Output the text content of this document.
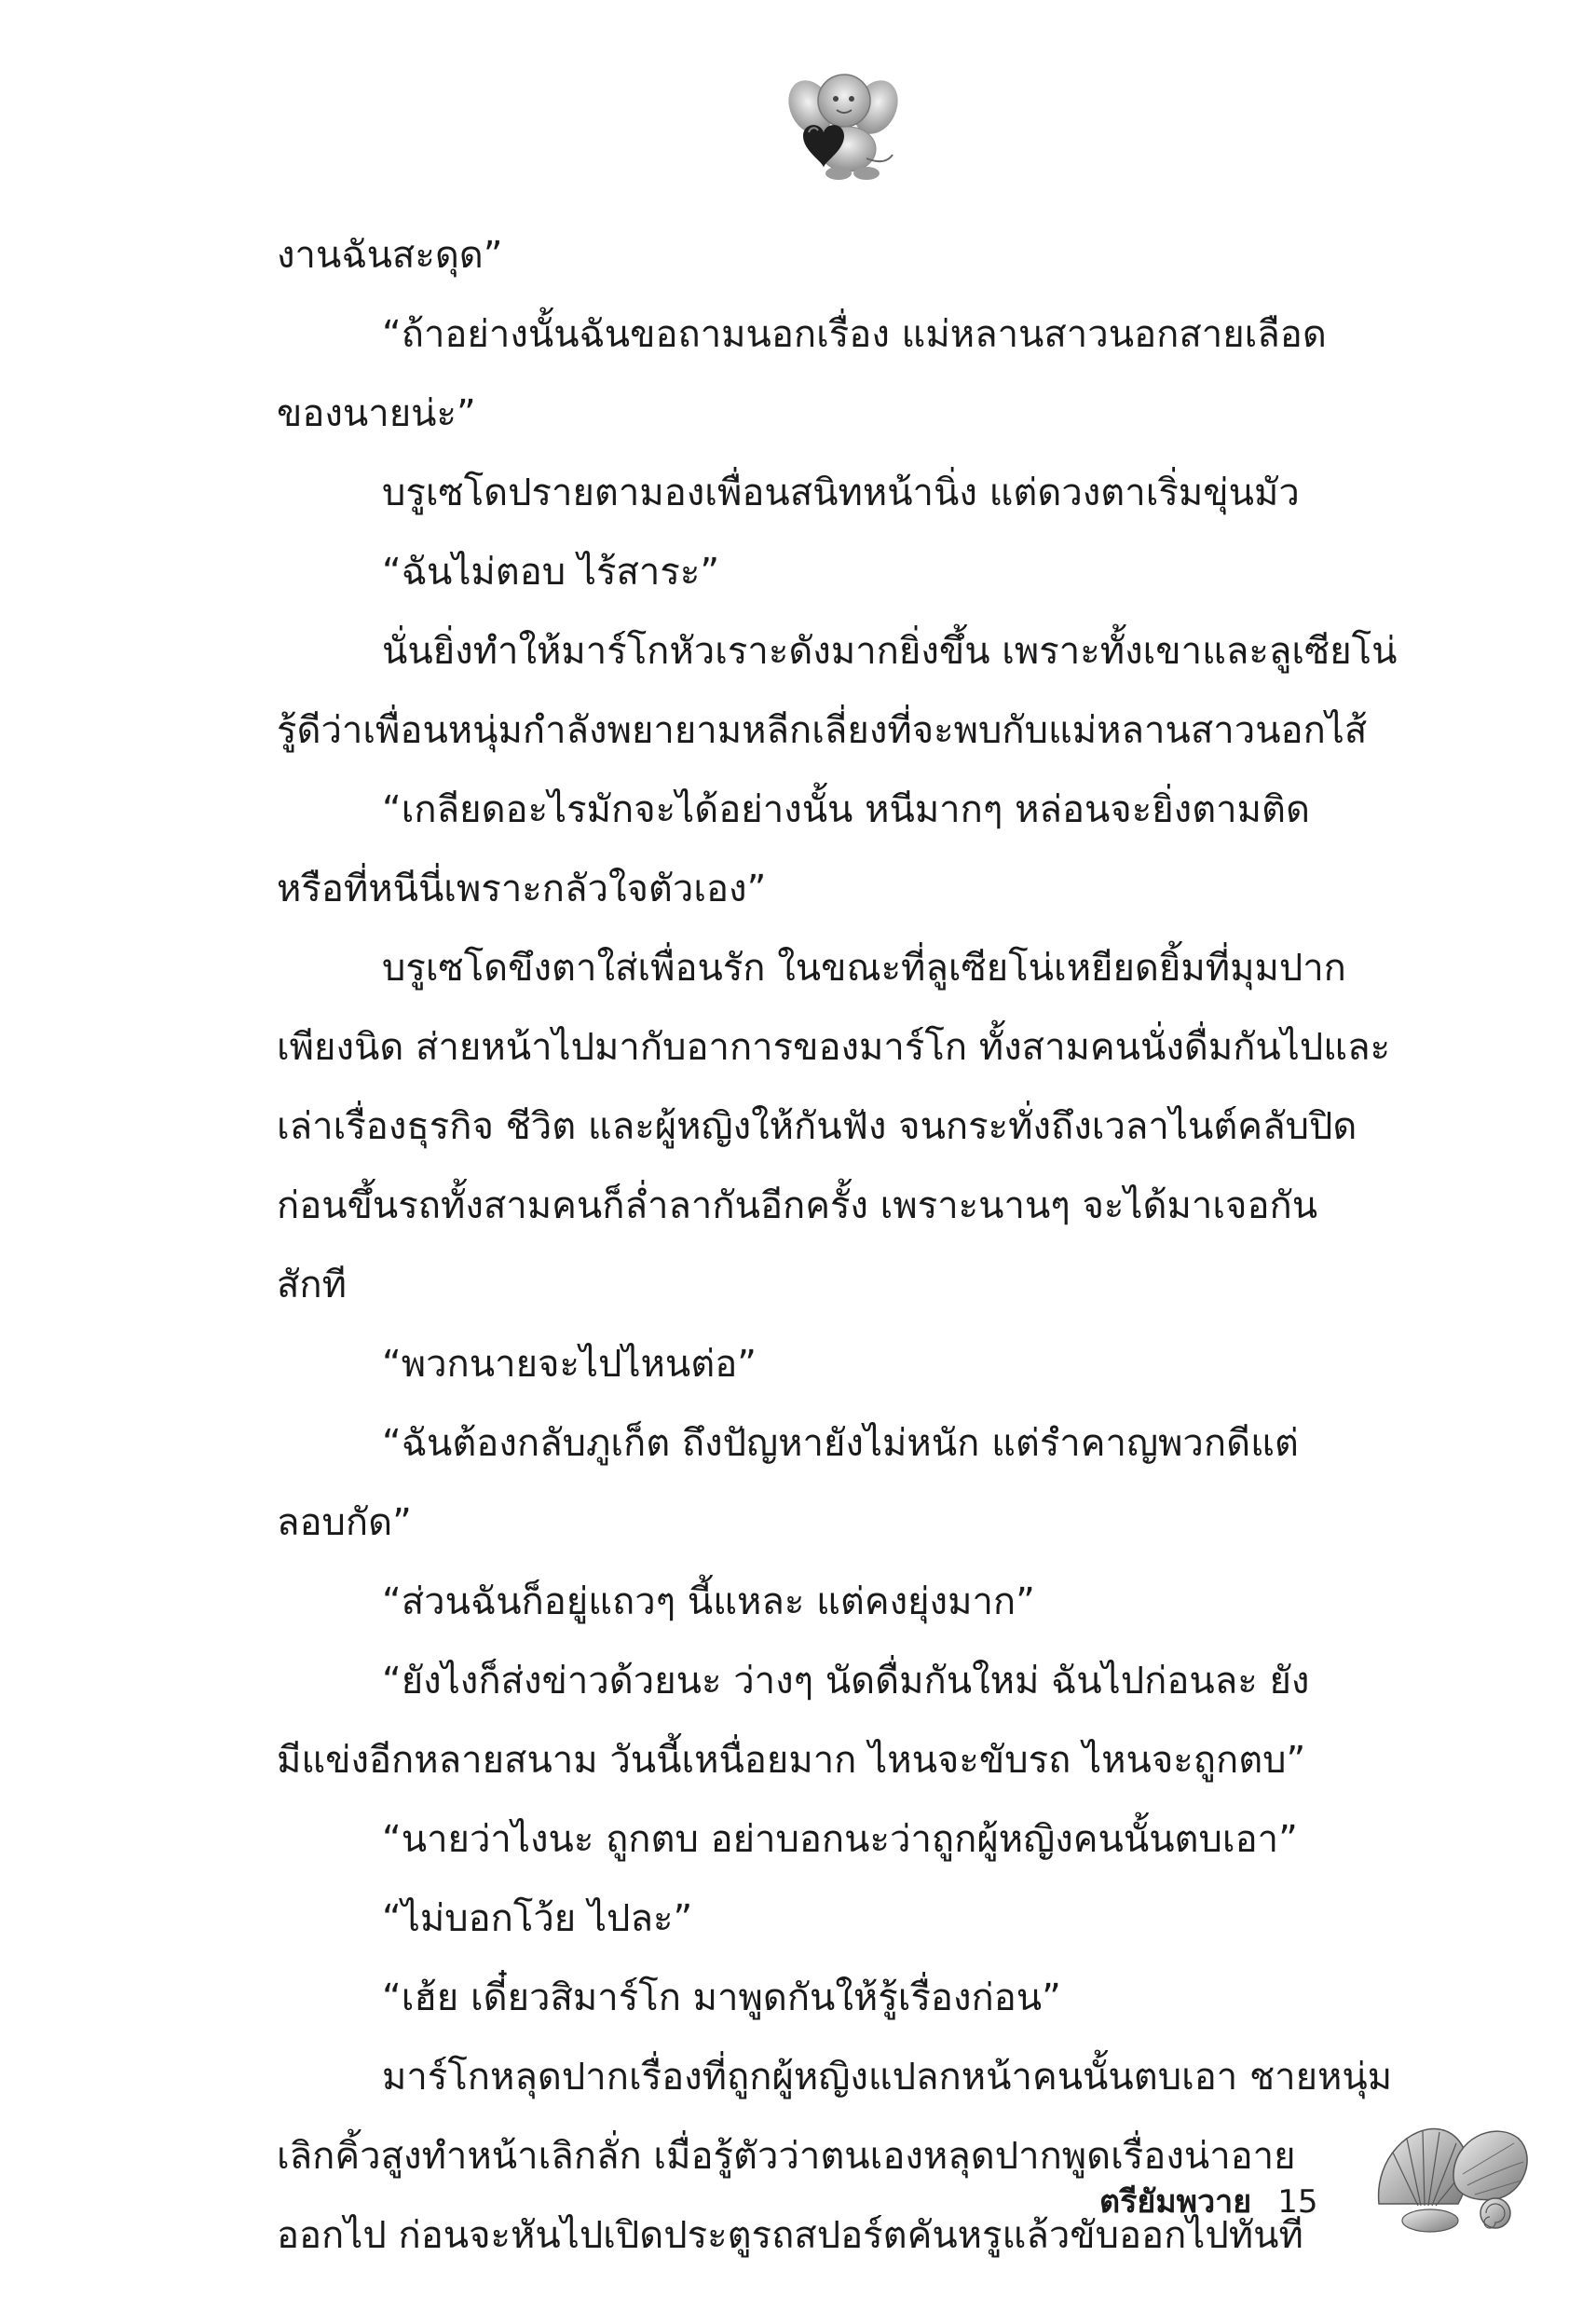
งานฉันสะดุด”
“ถ้าอย่างนั้นฉันขอถามนอกเรื่อง แม่หลานสาวนอกสายเลือด
ของนายน่ะ”
บรูเซโดปรายตามองเพื่อนสนิทหน้านิ่ง แต่ดวงตาเริ่มขุ่นมัว
“ฉันไม่ตอบ ไร้สาระ”
นั่นยิ่งทำให้มาร์โกหัวเราะดังมากยิ่งขึ้น เพราะทั้งเขาและลูเซียโน่
รู้ดีว่าเพื่อนหนุ่มกำลังพยายามหลีกเลี่ยงที่จะพบกับแม่หลานสาวนอกไส้
“เกลียดอะไรมักจะได้อย่างนั้น หนีมากๆ หล่อนจะยิ่งตามติด
หรือที่หนีนี่เพราะกลัวใจตัวเอง”
บรูเซโดขึงตาใส่เพื่อนรัก ในขณะที่ลูเซียโน่เหยียดยิ้มที่มุมปาก
เพียงนิด ส่ายหน้าไปมากับอาการของมาร์โก ทั้งสามคนนั่งดื่มกันไปและ
เล่าเรื่องธุรกิจ ชีวิต และผู้หญิงให้กันฟัง จนกระทั่งถึงเวลาไนต์คลับปิด
ก่อนขึ้นรถทั้งสามคนก็ล่ำลากันอีกครั้ง เพราะนานๆ จะได้มาเจอกัน
สักที
“พวกนายจะไปไหนต่อ”
“ฉันต้องกลับภูเก็ต ถึงปัญหายังไม่หนัก แต่รำคาญพวกดีแต่
ลอบกัด”
“ส่วนฉันก็อยู่แถวๆ นี้แหละ แต่คงยุ่งมาก”
“ยังไงก็ส่งข่าวด้วยนะ ว่างๆ นัดดื่มกันใหม่ ฉันไปก่อนละ ยัง
มีแข่งอีกหลายสนาม วันนี้เหนื่อยมาก ไหนจะขับรถ ไหนจะถูกตบ”
“นายว่าไงนะ ถูกตบ อย่าบอกนะว่าถูกผู้หญิงคนนั้นตบเอา”
“ไม่บอกโว้ย ไปละ”
“เฮ้ย เดี๋ยวสิมาร์โก มาพูดกันให้รู้เรื่องก่อน”
มาร์โกหลุดปากเรื่องที่ถูกผู้หญิงแปลกหน้าคนนั้นตบเอา ชายหนุ่ม
เลิกคิ้วสูงทำหน้าเลิกลั่ก เมื่อรู้ตัวว่าตนเองหลุดปากพูดเรื่องน่าอาย
ออกไป ก่อนจะหันไปเปิดประตูรถสปอร์ตคันหรูแล้วขับออกไปทันที
ตรียัมพวาย 15
